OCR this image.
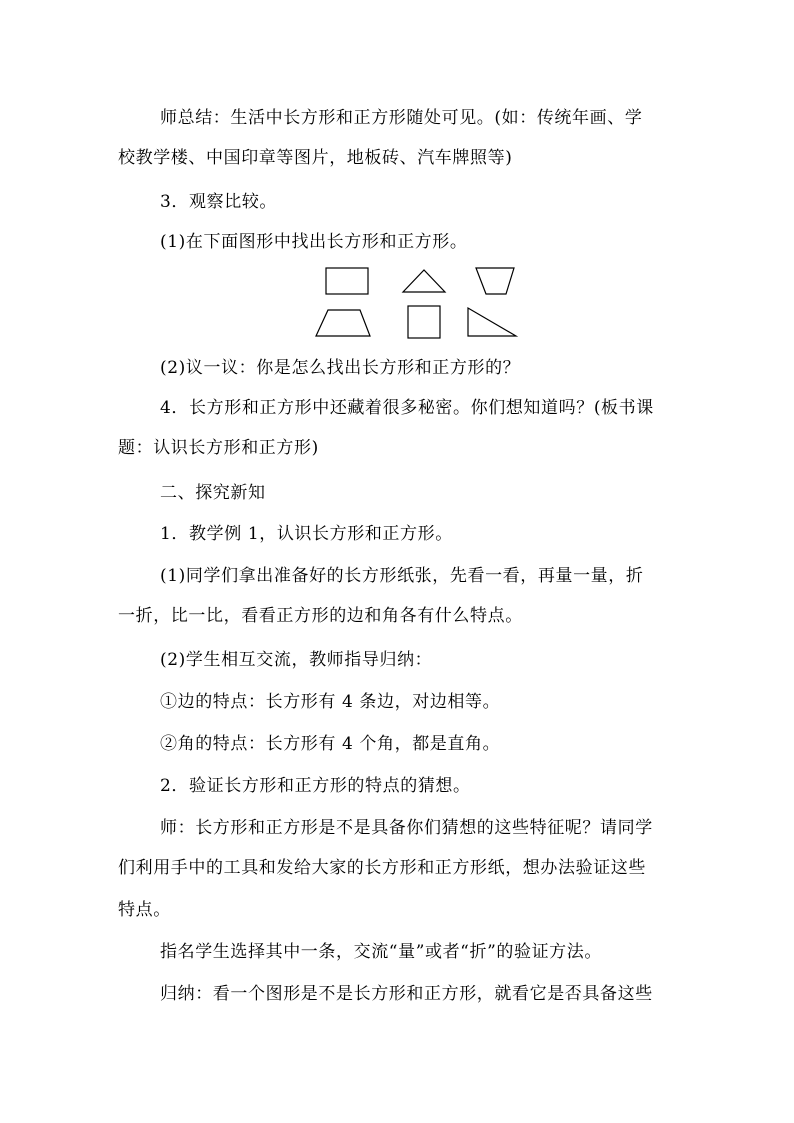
师总结：生活中长方形和正方形随处可见。(如：传统年画、学
校教学楼、中国印章等图片，地板砖、汽车牌照等)
3．观察比较。
(1)在下面图形中找出长方形和正方形。
(2)议一议：你是怎么找出长方形和正方形的？
4．长方形和正方形中还藏着很多秘密。你们想知道吗？(板书课
题：认识长方形和正方形)
二、探究新知
1．教学例 1，认识长方形和正方形。
(1)同学们拿出准备好的长方形纸张，先看一看，再量一量，折
一折，比一比，看看正方形的边和角各有什么特点。
(2)学生相互交流，教师指导归纳：
①边的特点：长方形有 4 条边，对边相等。
②角的特点：长方形有 4 个角，都是直角。
2．验证长方形和正方形的特点的猜想。
师：长方形和正方形是不是具备你们猜想的这些特征呢？请同学
们利用手中的工具和发给大家的长方形和正方形纸，想办法验证这些
特点。
指名学生选择其中一条，交流“量”或者“折”的验证方法。
归纳：看一个图形是不是长方形和正方形，就看它是否具备这些
